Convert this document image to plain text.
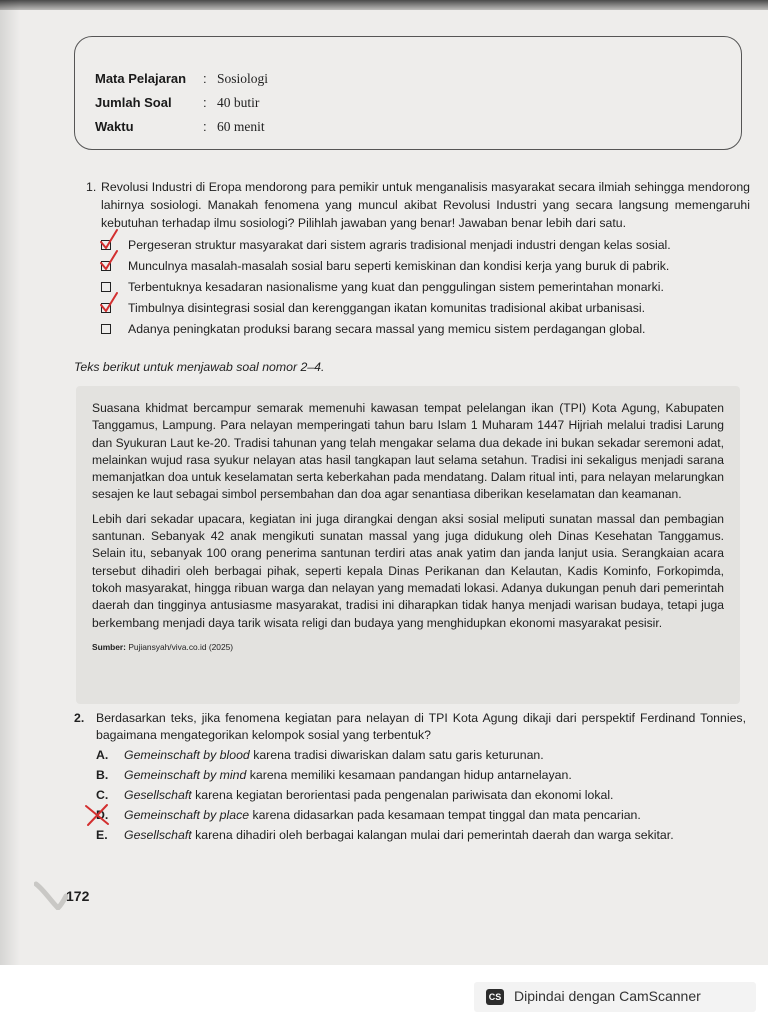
Mata Pelajaran : Sosiologi
Jumlah Soal : 40 butir
Waktu	: 60 menit
1. Revolusi Industri di Eropa mendorong para pemikir untuk menganalisis masyarakat secara ilmiah sehingga mendorong lahirnya sosiologi. Manakah fenomena yang muncul akibat Revolusi Industri yang secara langsung memengaruhi kebutuhan terhadap ilmu sosiologi? Pilihlah jawaban yang benar! Jawaban benar lebih dari satu.
Pergeseran struktur masyarakat dari sistem agraris tradisional menjadi industri dengan kelas sosial.
Munculnya masalah-masalah sosial baru seperti kemiskinan dan kondisi kerja yang buruk di pabrik.
Terbentuknya kesadaran nasionalisme yang kuat dan penggulingan sistem pemerintahan monarki.
Timbulnya disintegrasi sosial dan kerenggangan ikatan komunitas tradisional akibat urbanisasi.
Adanya peningkatan produksi barang secara massal yang memicu sistem perdagangan global.
Teks berikut untuk menjawab soal nomor 2–4.

Suasana khidmat bercampur semarak memenuhi kawasan tempat pelelangan ikan (TPI) Kota Agung, Kabupaten Tanggamus, Lampung. Para nelayan memperingati tahun baru Islam 1 Muharam 1447 Hijriah melalui tradisi Larung dan Syukuran Laut ke-20. Tradisi tahunan yang telah mengakar selama dua dekade ini bukan sekadar seremoni adat, melainkan wujud rasa syukur nelayan atas hasil tangkapan laut selama setahun. Tradisi ini sekaligus menjadi sarana memanjatkan doa untuk keselamatan serta keberkahan pada mendatang. Dalam ritual inti, para nelayan melarungkan sesajen ke laut sebagai simbol persembahan dan doa agar senantiasa diberikan keselamatan dan keamanan.

Lebih dari sekadar upacara, kegiatan ini juga dirangkai dengan aksi sosial meliputi sunatan massal dan pembagian santunan. Sebanyak 42 anak mengikuti sunatan massal yang juga didukung oleh Dinas Kesehatan Tanggamus. Selain itu, sebanyak 100 orang penerima santunan terdiri atas anak yatim dan janda lanjut usia. Serangkaian acara tersebut dihadiri oleh berbagai pihak, seperti kepala Dinas Perikanan dan Kelautan, Kadis Kominfo, Forkopimda, tokoh masyarakat, hingga ribuan warga dan nelayan yang memadati lokasi. Adanya dukungan penuh dari pemerintah daerah dan tingginya antusiasme masyarakat, tradisi ini diharapkan tidak hanya menjadi warisan budaya, tetapi juga berkembang menjadi daya tarik wisata religi dan budaya yang menghidupkan ekonomi masyarakat pesisir.

Sumber: Pujiansyah/viva.co.id (2025)
2. Berdasarkan teks, jika fenomena kegiatan para nelayan di TPI Kota Agung dikaji dari perspektif Ferdinand Tonnies, bagaimana mengategorikan kelompok sosial yang terbentuk?
A.	Gemeinschaft by blood karena tradisi diwariskan dalam satu garis keturunan.
B.	Gemeinschaft by mind karena memiliki kesamaan pandangan hidup antarnelayan.
C.	Gesellschaft karena kegiatan berorientasi pada pengenalan pariwisata dan ekonomi lokal.
D.	Gemeinschaft by place karena didasarkan pada kesamaan tempat tinggal dan mata pencarian.
E.	Gesellschaft karena dihadiri oleh berbagai kalangan mulai dari pemerintah daerah dan warga sekitar.
172
CS Dipindai dengan CamScanner
